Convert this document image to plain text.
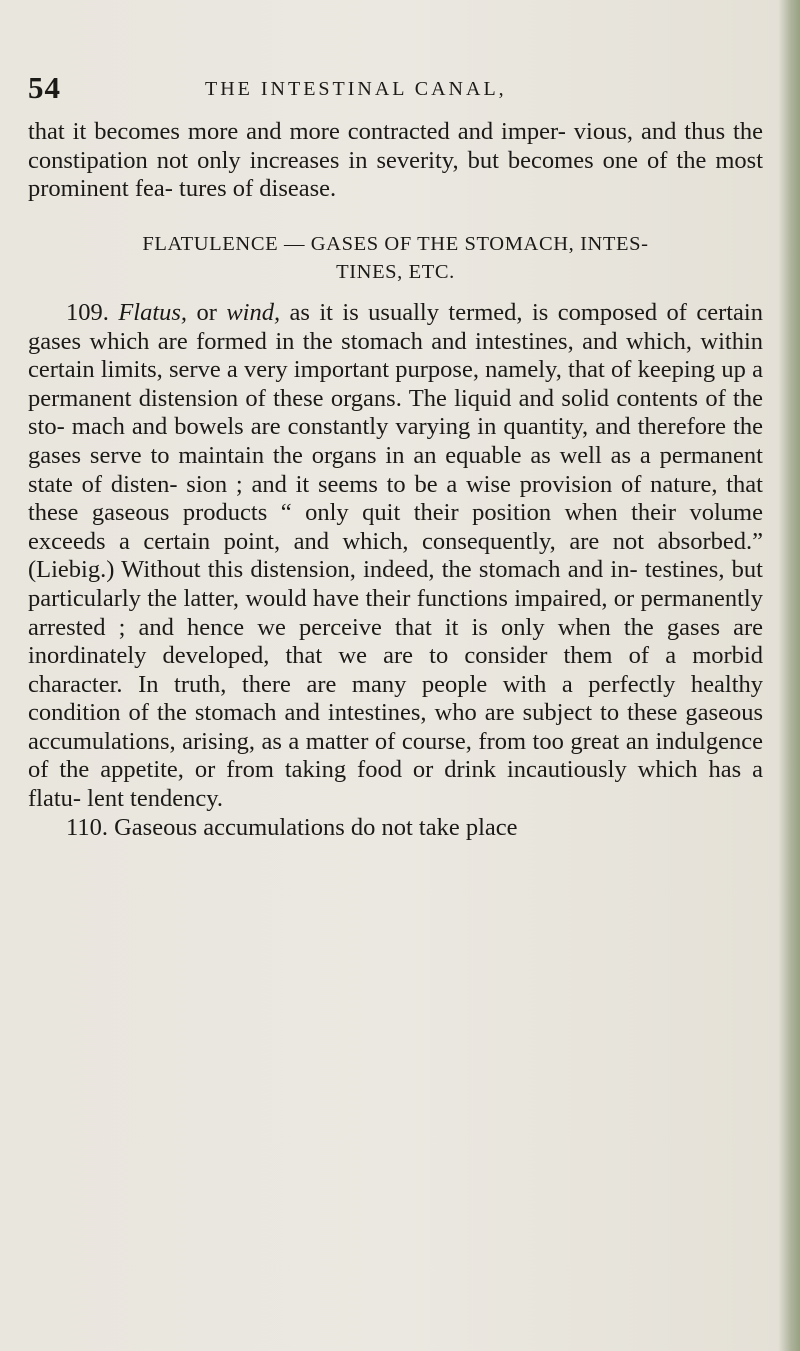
54	THE INTESTINAL CANAL,

that it becomes more and more contracted and imper- vious, and thus the constipation not only increases in severity, but becomes one of the most prominent fea- tures of disease.

FLATULENCE — GASES OF THE STOMACH, INTES-
TINES, ETC.

109. Flatus, or wind, as it is usually termed, is composed of certain gases which are formed in the stomach and intestines, and which, within certain limits, serve a very important purpose, namely, that of keeping up a permanent distension of these organs. The liquid and solid contents of the sto- mach and bowels are constantly varying in quantity, and therefore the gases serve to maintain the organs in an equable as well as a permanent state of disten- sion ; and it seems to be a wise provision of nature, that these gaseous products “ only quit their position when their volume exceeds a certain point, and which, consequently, are not absorbed.” (Liebig.) Without this distension, indeed, the stomach and in- testines, but particularly the latter, would have their functions impaired, or permanently arrested ; and hence we perceive that it is only when the gases are inordinately developed, that we are to consider them of a morbid character. In truth, there are many people with a perfectly healthy condition of the stomach and intestines, who are subject to these gaseous accumulations, arising, as a matter of course, from too great an indulgence of the appetite, or from taking food or drink incautiously which has a flatu- lent tendency.

110. Gaseous accumulations do not take place
